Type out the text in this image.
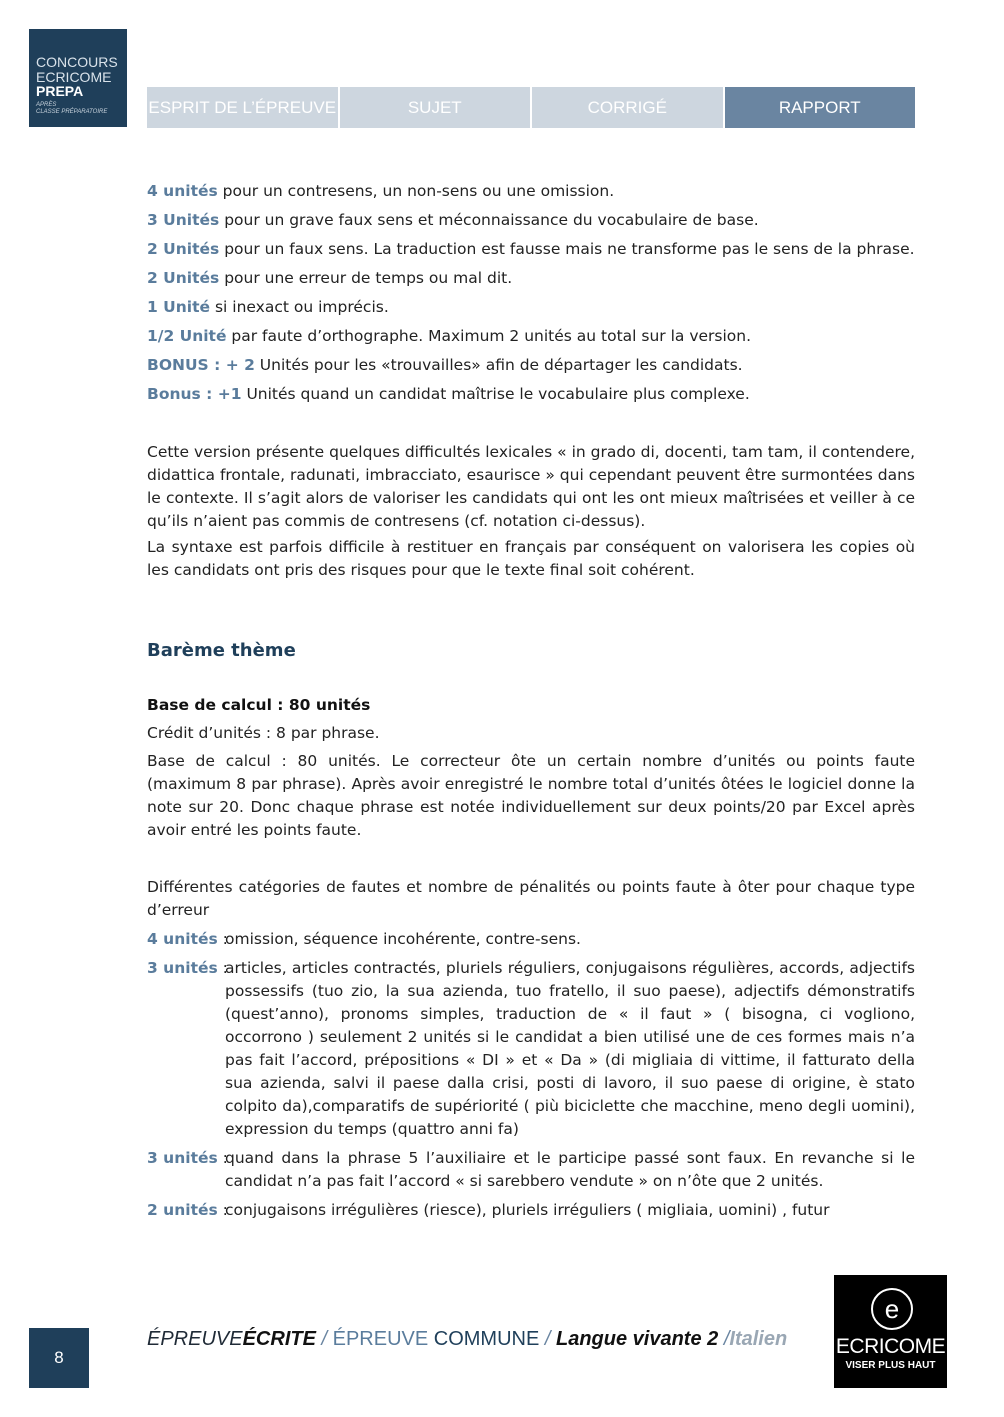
CONCOURS
ECRICOME
PREPA
APRÈS
CLASSE PRÉPARATOIRE ESPRIT DE L’ÉPREUVE	SUJET	CORRIGÉ	RAPPORT
4 unités pour un contresens, un non-sens ou une omission.
3 Unités pour un grave faux sens et méconnaissance du vocabulaire de base.
2 Unités pour un faux sens. La traduction est fausse mais ne transforme pas le sens de la phrase.
2 Unités pour une erreur de temps ou mal dit.
1 Unité si inexact ou imprécis.
1/2 Unité par faute d’orthographe. Maximum 2 unités au total sur la version.
BONUS : + 2 Unités pour les «trouvailles» afin de départager les candidats.
Bonus : +1 Unités quand un candidat maîtrise le vocabulaire plus complexe.

Cette version présente quelques difficultés lexicales « in grado di, docenti, tam tam, il contendere, didattica frontale, radunati, imbracciato, esaurisce » qui cependant peuvent être surmontées dans le contexte. Il s’agit alors de valoriser les candidats qui ont les ont mieux maîtrisées et veiller à ce qu’ils n’aient pas commis de contresens (cf. notation ci-dessus).

La syntaxe est parfois difficile à restituer en français par conséquent on valorisera les copies où les candidats ont pris des risques pour que le texte final soit cohérent.

Barème thème
Base de calcul : 80 unités

Crédit d’unités : 8 par phrase.

Base de calcul : 80 unités. Le correcteur ôte un certain nombre d’unités ou points faute (maximum 8 par phrase). Après avoir enregistré le nombre total d’unités ôtées le logiciel donne la note sur 20. Donc chaque phrase est notée individuellement sur deux points/20 par Excel après avoir entré les points faute.

Différentes catégories de fautes et nombre de pénalités ou points faute à ôter pour chaque type d’erreur

4 unités :
omission, séquence incohérente, contre-sens.
3 unités :
articles, articles contractés, pluriels réguliers, conjugaisons régulières, accords, adjectifs possessifs (tuo zio, la sua azienda, tuo fratello, il suo paese), adjectifs démonstratifs (quest’anno), pronoms simples, traduction de « il faut » ( bisogna, ci vogliono, occorrono ) seulement 2 unités si le candidat a bien utilisé une de ces formes mais n’a pas fait l’accord, prépositions « DI » et « Da » (di migliaia di vittime, il fatturato della sua azienda, salvi il paese dalla crisi, posti di lavoro, il suo paese di origine, è stato colpito da),comparatifs de supériorité ( più biciclette che macchine, meno degli uomini), expression du temps (quattro anni fa)
3 unités :
quand dans la phrase 5 l’auxiliaire et le participe passé sont faux. En revanche si le candidat n’a pas fait l’accord « si sarebbero vendute » on n’ôte que 2 unités.
2 unités :
conjugaisons irrégulières (riesce), pluriels irréguliers ( migliaia, uomini) , futur
8
ÉPREUVEÉCRITE / ÉPREUVE COMMUNE / Langue vivante 2 /Italien
e
ECRICOME
VISER PLUS HAUT
